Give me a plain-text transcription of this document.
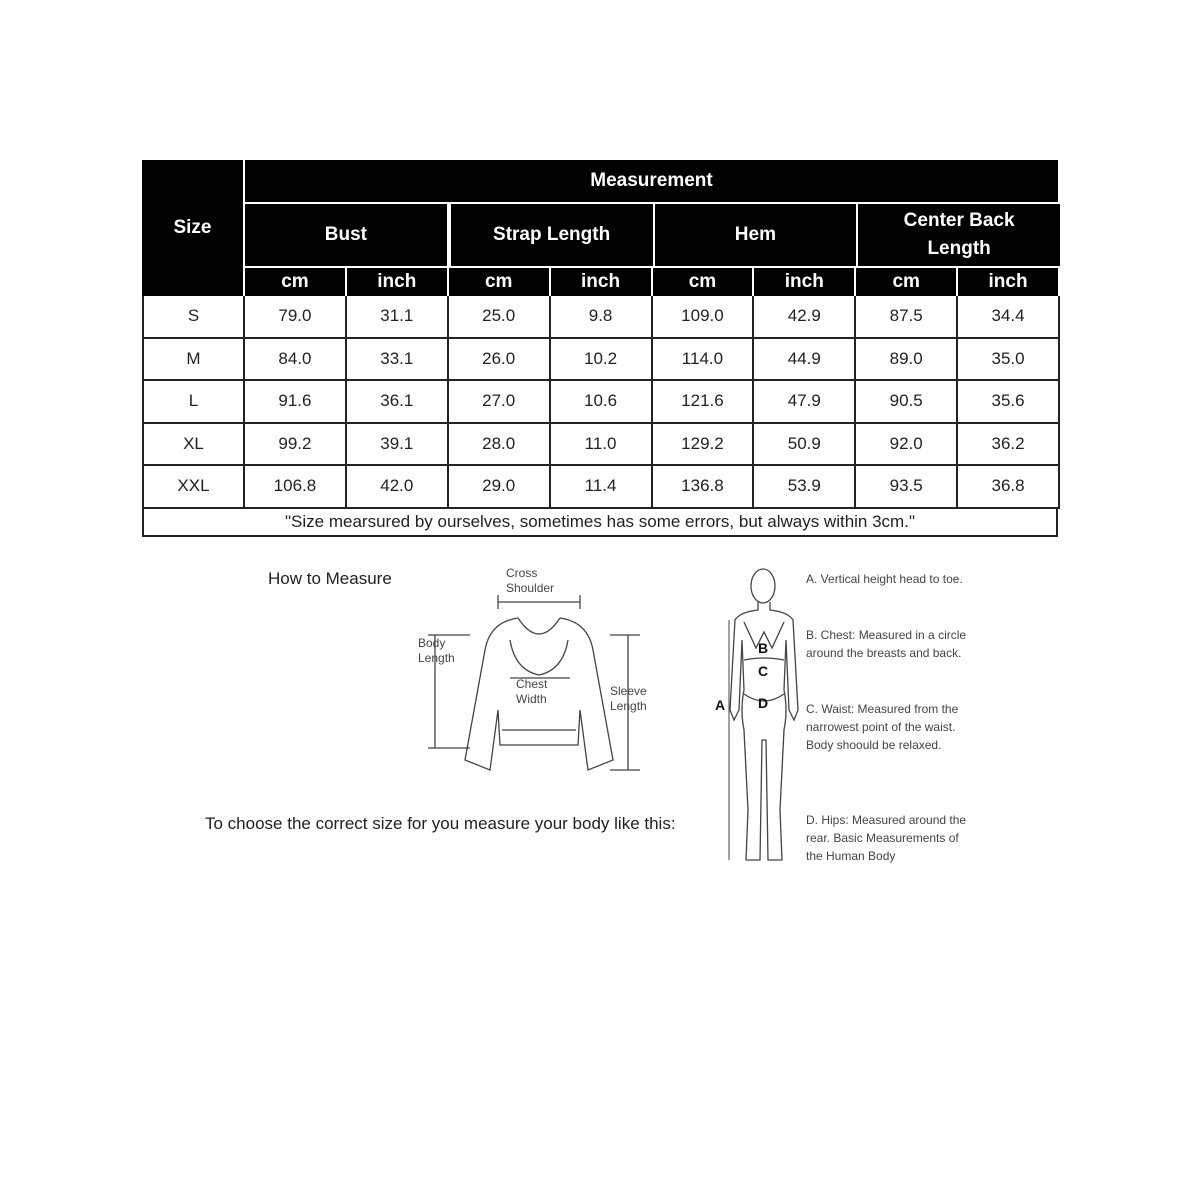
Size
Measurement
Bust	Strap Length	Hem
Center Back Length
cm	inch	cm	inch	cm	inch	cm	inch
S	79.0	31.1	25.0	9.8	109.0	42.9	87.5	34.4
M	84.0	33.1	26.0	10.2	114.0	44.9	89.0	35.0
L	91.6	36.1	27.0	10.6	121.6	47.9	90.5	35.6
XL	99.2	39.1	28.0	11.0	129.2	50.9	92.0	36.2
XXL	106.8	42.0	29.0	11.4	136.8	53.9	93.5	36.8
"Size mearsured by ourselves, sometimes has some errors, but always within 3cm."
How to Measure
To choose the correct size for you measure your body like this:
Cross
Shoulder
Body
Length
Chest
Width
Sleeve
Length	A
B
C
D
A. Vertical height head to toe.
B. Chest: Measured in a circle around the breasts and back.
C. Waist: Measured from the narrowest point of the waist. Body shoould be relaxed.
D. Hips: Measured around the rear. Basic Measurements of the Human Body
